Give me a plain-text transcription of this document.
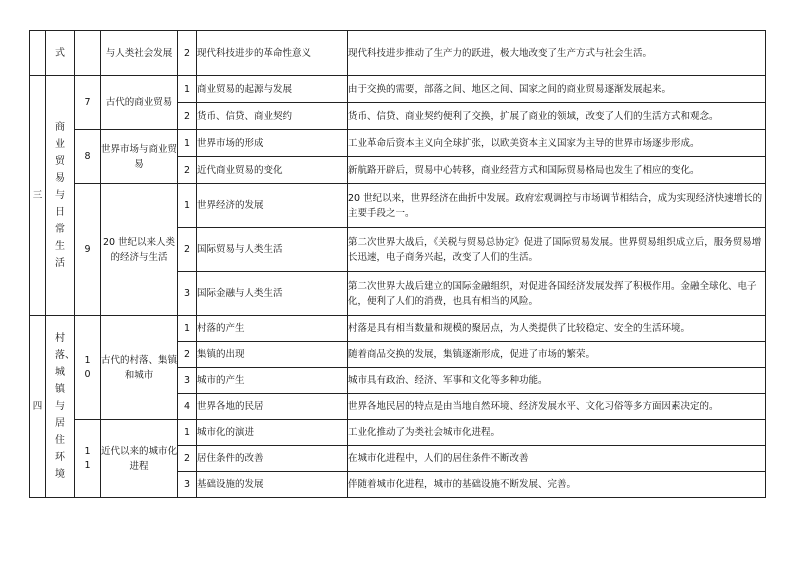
	式		与人类社会发展	2	现代科技进步的革命性意义	现代科技进步推动了生产力的跃进，极大地改变了生产方式与社会生活。
三	商业贸易与日常生活	7	古代的商业贸易	1	商业贸易的起源与发展	由于交换的需要，部落之间、地区之间、国家之间的商业贸易逐渐发展起来。
				2	货币、信贷、商业契约	货币、信贷、商业契约便利了交换，扩展了商业的领域，改变了人们的生活方式和观念。
		8	世界市场与商业贸易	1	世界市场的形成	工业革命后资本主义向全球扩张，以欧美资本主义国家为主导的世界市场逐步形成。
				2	近代商业贸易的变化	新航路开辟后，贸易中心转移，商业经营方式和国际贸易格局也发生了相应的变化。
		9	20 世纪以来人类的经济与生活	1	世界经济的发展	20 世纪以来，世界经济在曲折中发展。政府宏观调控与市场调节相结合，成为实现经济快速增长的主要手段之一。
				2	国际贸易与人类生活	第二次世界大战后，《关税与贸易总协定》促进了国际贸易发展。世界贸易组织成立后，服务贸易增长迅速，电子商务兴起，改变了人们的生活。
				3	国际金融与人类生活	第二次世界大战后建立的国际金融组织，对促进各国经济发展发挥了积极作用。金融全球化、电子化，便利了人们的消费，也具有相当的风险。
四	村落、城镇与居住环境	10	古代的村落、集镇和城市	1	村落的产生	村落是具有相当数量和规模的聚居点，为人类提供了比较稳定、安全的生活环境。
				2	集镇的出现	随着商品交换的发展，集镇逐渐形成，促进了市场的繁荣。
				3	城市的产生	城市具有政治、经济、军事和文化等多种功能。
				4	世界各地的民居	世界各地民居的特点是由当地自然环境、经济发展水平、文化习俗等多方面因素决定的。

		11	近代以来的城市化进程	1	城市化的演进	工业化推动了为类社会城市化进程。
				2	居住条件的改善	在城市化进程中，人们的居住条件不断改善
				3	基础设施的发展	伴随着城市化进程，城市的基础设施不断发展、完善。
